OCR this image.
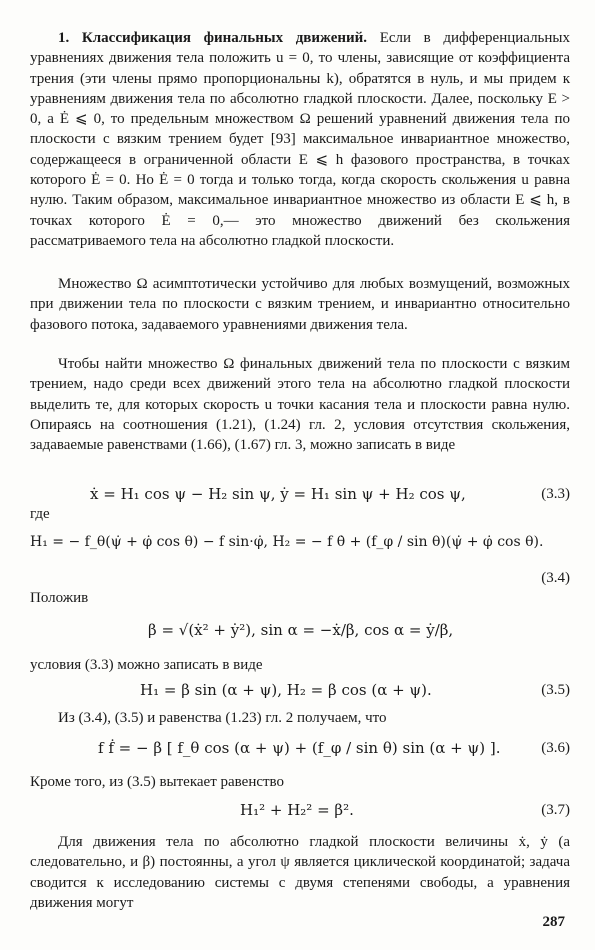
1. Классификация финальных движений. Если в дифференциальных уравнениях движения тела положить u = 0, то члены, зависящие от коэффициента трения (эти члены прямо пропорциональны k), обратятся в нуль, и мы придем к уравнениям движения тела по абсолютно гладкой плоскости. Далее, поскольку E > 0, а Ė ⩽ 0, то предельным множеством Ω решений уравнений движения тела по плоскости с вязким трением будет [93] максимальное инвариантное множество, содержащееся в ограниченной области E ⩽ h фазового пространства, в точках которого Ė = 0. Но Ė = 0 тогда и только тогда, когда скорость скольжения u равна нулю. Таким образом, максимальное инвариантное множество из области E ⩽ h, в точках которого Ė = 0,— это множество движений без скольжения рассматриваемого тела на абсолютно гладкой плоскости.

Множество Ω асимптотически устойчиво для любых возмущений, возможных при движении тела по плоскости с вязким трением, и инвариантно относительно фазового потока, задаваемого уравнениями движения тела.

Чтобы найти множество Ω финальных движений тела по плоскости с вязким трением, надо среди всех движений этого тела на абсолютно гладкой плоскости выделить те, для которых скорость u точки касания тела и плоскости равна нулю. Опираясь на соотношения (1.21), (1.24) гл. 2, условия отсутствия скольжения, задаваемые равенствами (1.66), (1.67) гл. 3, можно записать в виде

ẋ = H₁ cos ψ − H₂ sin ψ, ẏ = H₁ sin ψ + H₂ cos ψ,	(3.3)
где
H₁ = − f_θ(ψ̇ + φ̇ cos θ) − f sin·φ̇, H₂ = − f θ̇ + (f_φ / sin θ)(ψ̇ + φ̇ cos θ).
(3.4)
Положив
β = √(ẋ² + ẏ²), sin α = −ẋ/β, cos α = ẏ/β,
условия (3.3) можно записать в виде
H₁ = β sin (α + ψ), H₂ = β cos (α + ψ).	(3.5)
Из (3.4), (3.5) и равенства (1.23) гл. 2 получаем, что
f ḟ = − β [ f_θ cos (α + ψ) + (f_φ / sin θ) sin (α + ψ) ].	(3.6)
Кроме того, из (3.5) вытекает равенство
H₁² + H₂² = β².	(3.7)

Для движения тела по абсолютно гладкой плоскости величины ẋ, ẏ (а следовательно, и β) постоянны, а угол ψ является циклической координатой; задача сводится к исследованию системы с двумя степенями свободы, а уравнения движения могут

287
